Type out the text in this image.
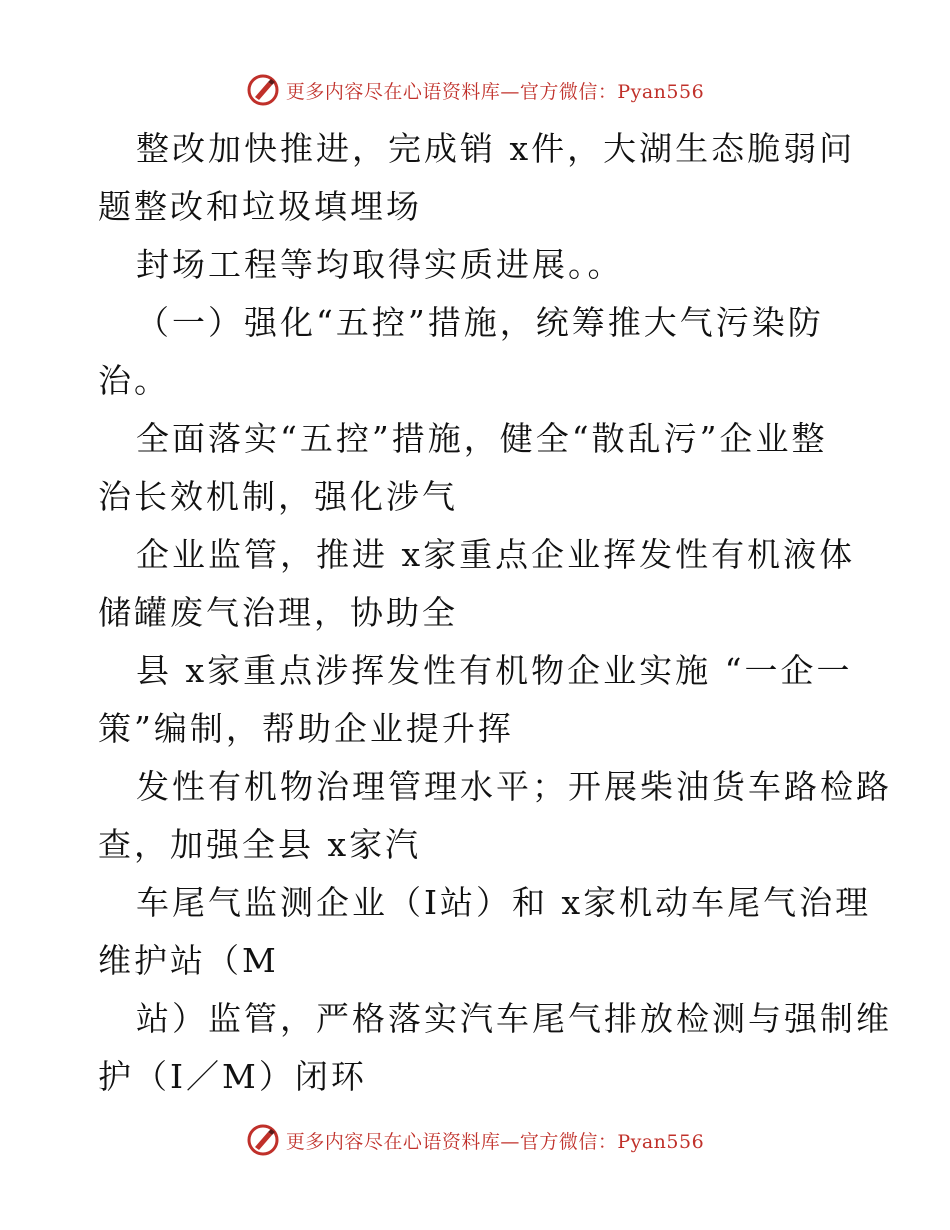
更多内容尽在心语资料库—官方微信：Pyan556
整改加快推进，完成销 x件，大湖生态脆弱问
题整改和垃圾填埋场
封场工程等均取得实质进展。。
（一）强化“五控”措施，统筹推大气污染防
治。
全面落实“五控”措施，健全“散乱污”企业整
治长效机制，强化涉气
企业监管，推进 x家重点企业挥发性有机液体
储罐废气治理，协助全
县 x家重点涉挥发性有机物企业实施 “一企一
策”编制，帮助企业提升挥
发性有机物治理管理水平；开展柴油货车路检路
查，加强全县 x家汽
车尾气监测企业（I站）和 x家机动车尾气治理
维护站（M
站）监管，严格落实汽车尾气排放检测与强制维
护（I／M）闭环
更多内容尽在心语资料库—官方微信：Pyan556
